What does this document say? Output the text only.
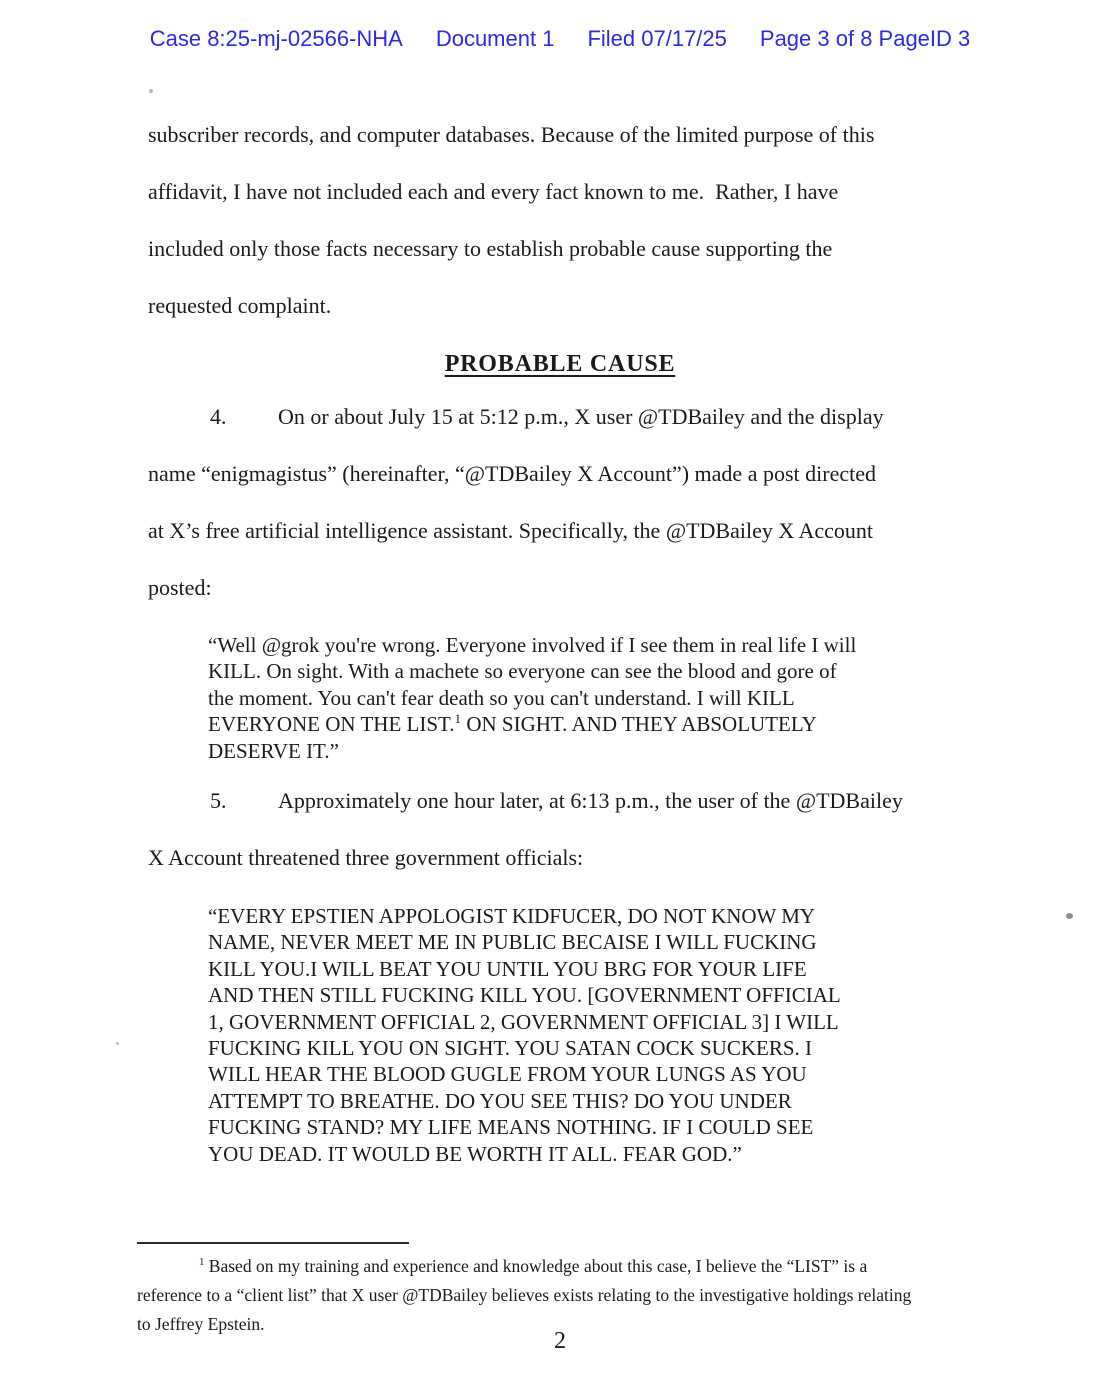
Case 8:25-mj-02566-NHA Document 1 Filed 07/17/25 Page 3 of 8 PageID 3
subscriber records, and computer databases. Because of the limited purpose of this
affidavit, I have not included each and every fact known to me.  Rather, I have
included only those facts necessary to establish probable cause supporting the
requested complaint.
PROBABLE CAUSE
4. On or about July 15 at 5:12 p.m., X user @TDBailey and the display
name “enigmagistus” (hereinafter, “@TDBailey X Account”) made a post directed
at X’s free artificial intelligence assistant. Specifically, the @TDBailey X Account
posted:
“Well @grok you're wrong. Everyone involved if I see them in real life I will
KILL. On sight. With a machete so everyone can see the blood and gore of
the moment. You can't fear death so you can't understand. I will KILL
EVERYONE ON THE LIST.$^1$ ON SIGHT. AND THEY ABSOLUTELY
DESERVE IT.”
5. Approximately one hour later, at 6:13 p.m., the user of the @TDBailey
X Account threatened three government officials:
“EVERY EPSTIEN APPOLOGIST KIDFUCER, DO NOT KNOW MY
NAME, NEVER MEET ME IN PUBLIC BECAISE I WILL FUCKING
KILL YOU.I WILL BEAT YOU UNTIL YOU BRG FOR YOUR LIFE
AND THEN STILL FUCKING KILL YOU. [GOVERNMENT OFFICIAL
1, GOVERNMENT OFFICIAL 2, GOVERNMENT OFFICIAL 3] I WILL
FUCKING KILL YOU ON SIGHT. YOU SATAN COCK SUCKERS. I
WILL HEAR THE BLOOD GUGLE FROM YOUR LUNGS AS YOU
ATTEMPT TO BREATHE. DO YOU SEE THIS? DO YOU UNDER
FUCKING STAND? MY LIFE MEANS NOTHING. IF I COULD SEE
YOU DEAD. IT WOULD BE WORTH IT ALL. FEAR GOD.”
$^1$ Based on my training and experience and knowledge about this case, I believe the “LIST” is a
reference to a “client list” that X user @TDBailey believes exists relating to the investigative holdings relating
to Jeffrey Epstein.
2
